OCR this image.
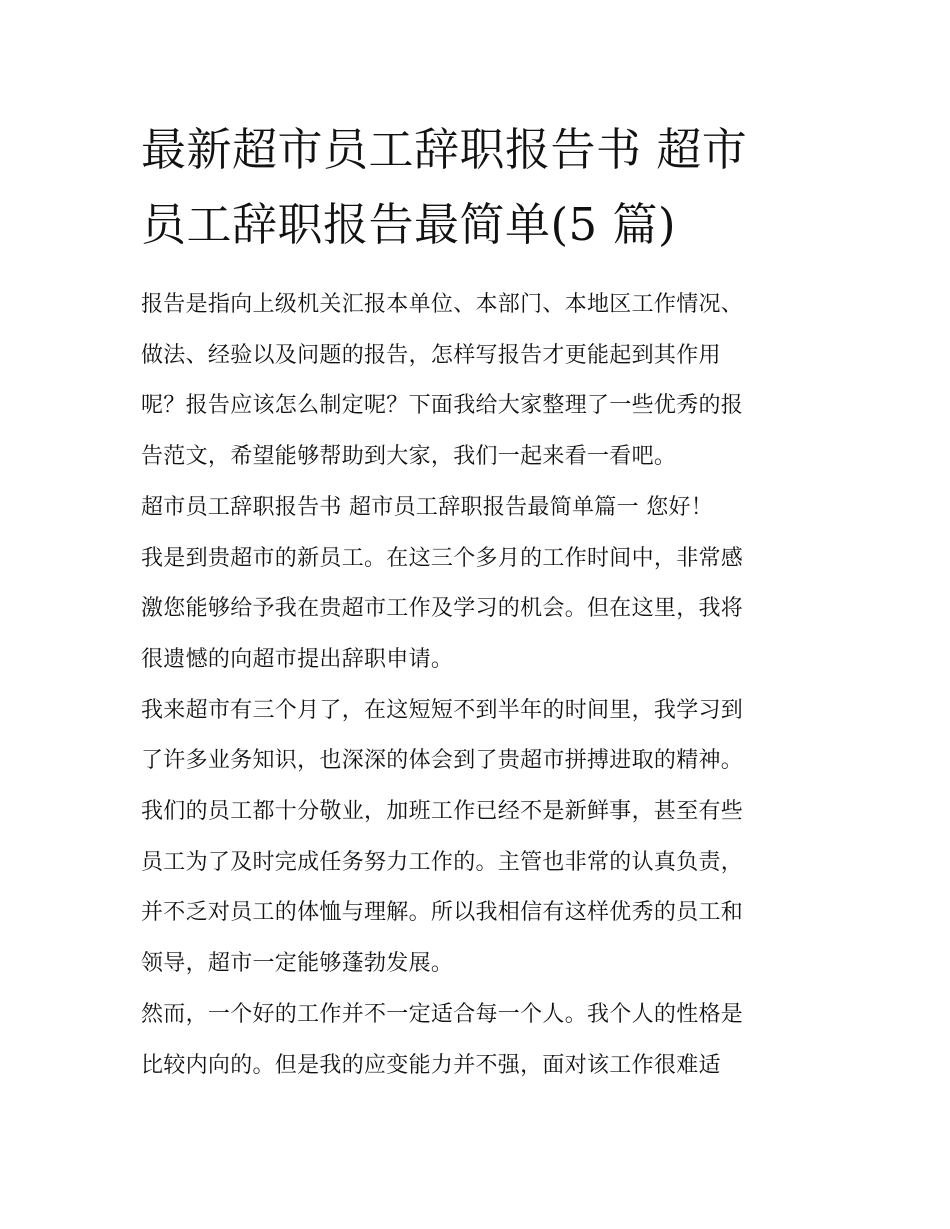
最新超市员工辞职报告书 超市
员工辞职报告最简单(5 篇)

报告是指向上级机关汇报本单位、本部门、本地区工作情况、
做法、经验以及问题的报告，怎样写报告才更能起到其作用
呢？报告应该怎么制定呢？下面我给大家整理了一些优秀的报
告范文，希望能够帮助到大家，我们一起来看一看吧。

超市员工辞职报告书 超市员工辞职报告最简单篇一 您好！

我是到贵超市的新员工。在这三个多月的工作时间中，非常感
激您能够给予我在贵超市工作及学习的机会。但在这里，我将
很遗憾的向超市提出辞职申请。

我来超市有三个月了，在这短短不到半年的时间里，我学习到
了许多业务知识，也深深的体会到了贵超市拼搏进取的精神。
我们的员工都十分敬业，加班工作已经不是新鲜事，甚至有些
员工为了及时完成任务努力工作的。主管也非常的认真负责，
并不乏对员工的体恤与理解。所以我相信有这样优秀的员工和
领导，超市一定能够蓬勃发展。

然而，一个好的工作并不一定适合每一个人。我个人的性格是
比较内向的。但是我的应变能力并不强，面对该工作很难适
